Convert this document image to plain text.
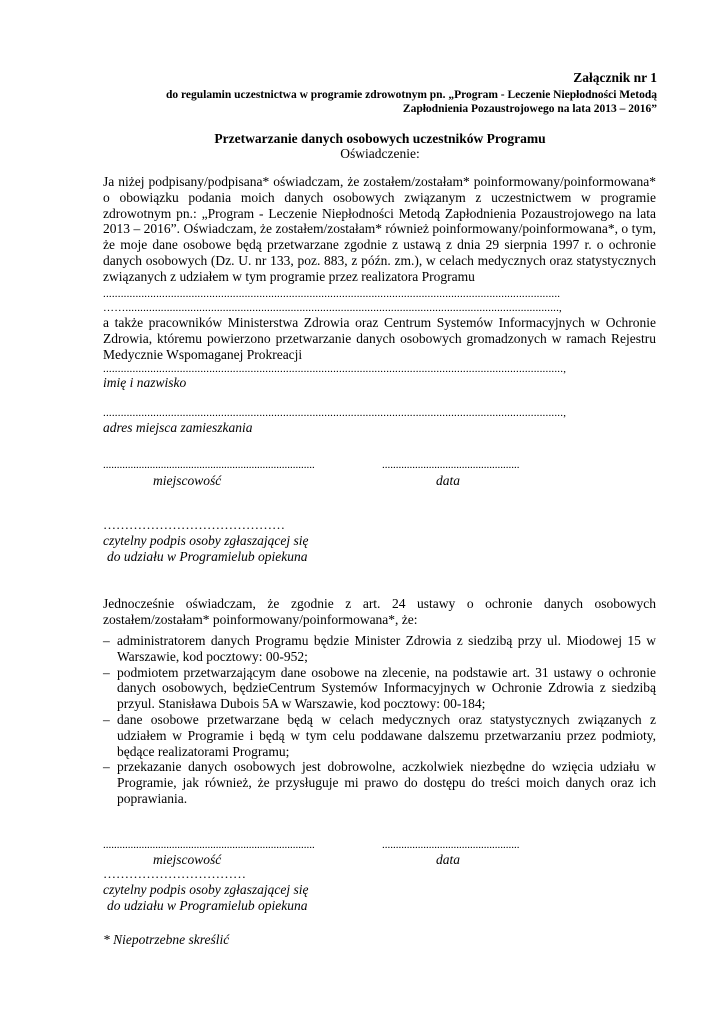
Załącznik nr 1
do regulamin uczestnictwa w programie zdrowotnym pn. „Program - Leczenie Niepłodności Metodą
Zapłodnienia Pozaustrojowego na lata 2013 – 2016”
Przetwarzanie danych osobowych uczestników Programu
Oświadczenie:
Ja niżej podpisany/podpisana* oświadczam, że zostałem/zostałam* poinformowany/poinformowana* o obowiązku podania moich danych osobowych związanym z uczestnictwem w programie zdrowotnym pn.: „Program - Leczenie Niepłodności Metodą Zapłodnienia Pozaustrojowego na lata 2013 – 2016”. Oświadczam, że zostałem/zostałam* również poinformowany/poinformowana*, o tym, że moje dane osobowe będą przetwarzane zgodnie z ustawą z dnia 29 sierpnia 1997 r. o ochronie danych osobowych (Dz. U. nr 133, poz. 883, z późn. zm.), w celach medycznych oraz statystycznych związanych z udziałem w tym programie przez realizatora Programu
...........................................................................................................................................................
……...................................................................................................................................................,
a także pracowników Ministerstwa Zdrowia oraz Centrum Systemów Informacyjnych w Ochronie Zdrowia, któremu powierzono przetwarzanie danych osobowych gromadzonych w ramach Rejestru Medycznie Wspomaganej Prokreacji
............................................................................................................................................................,
imię i nazwisko
............................................................................................................................................................,
adres miejsca zamieszkania
.............................................................................	..................................................
miejscowość	data
……………………………………
czytelny podpis osoby zgłaszającej się
do udziału w Programielub opiekuna
Jednocześnie oświadczam, że zgodnie z art. 24 ustawy o ochronie danych osobowych zostałem/zostałam* poinformowany/poinformowana*, że:
– administratorem danych Programu będzie Minister Zdrowia z siedzibą przy ul. Miodowej 15 w Warszawie, kod pocztowy: 00-952;
– podmiotem przetwarzającym dane osobowe na zlecenie, na podstawie art. 31 ustawy o ochronie danych osobowych, będzieCentrum Systemów Informacyjnych w Ochronie Zdrowia z siedzibą przyul. Stanisława Dubois 5A w Warszawie, kod pocztowy: 00-184;
– dane osobowe przetwarzane będą w celach medycznych oraz statystycznych związanych z udziałem w Programie i będą w tym celu poddawane dalszemu przetwarzaniu przez podmioty, będące realizatorami Programu;
– przekazanie danych osobowych jest dobrowolne, aczkolwiek niezbędne do wzięcia udziału w Programie, jak również, że przysługuje mi prawo do dostępu do treści moich danych oraz ich poprawiania.
.............................................................................	..................................................
miejscowość	data
……………………………
czytelny podpis osoby zgłaszającej się
do udziału w Programielub opiekuna
* Niepotrzebne skreślić
